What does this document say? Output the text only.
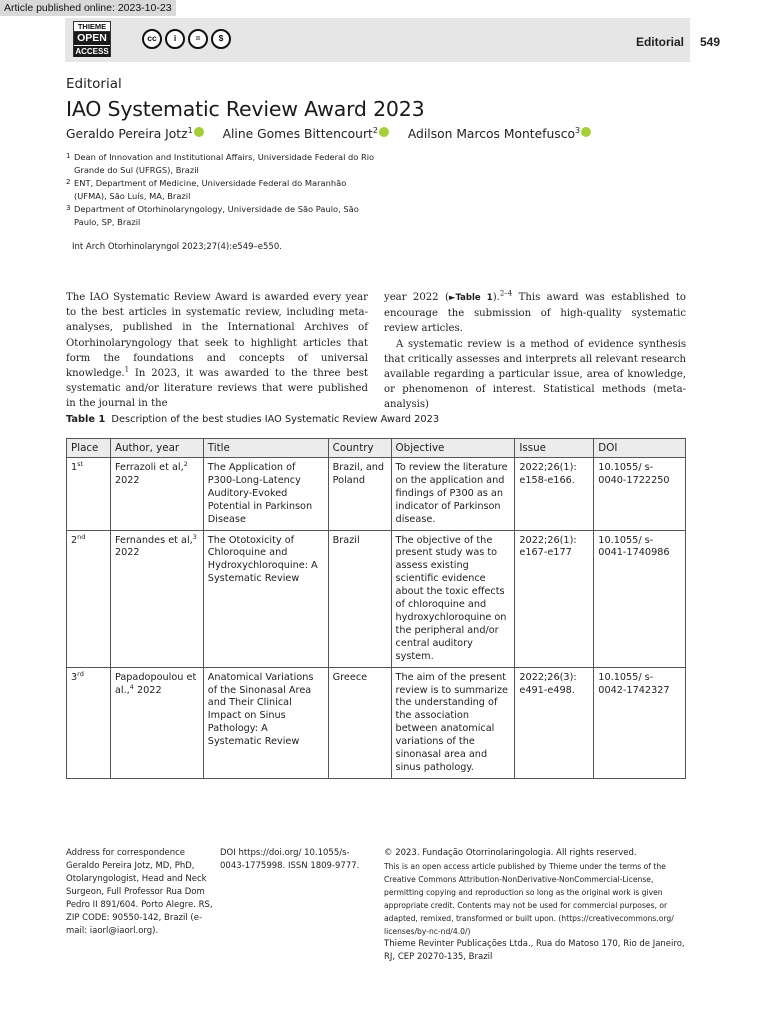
Article published online: 2023-10-23
THIEME
OPEN
ACCESS
cc	i	=	$	Editorial 549
Editorial
IAO Systematic Review Award 2023
Geraldo Pereira Jotz$^1$ Aline Gomes Bittencourt$^2$ Adilson Marcos Montefusco$^3$
1 Dean of Innovation and Institutional Affairs, Universidade Federal do Rio Grande do Sul (UFRGS), Brazil
2 ENT, Department of Medicine, Universidade Federal do Maranhão (UFMA), São Luís, MA, Brazil
3 Department of Otorhinolaryngology, Universidade de São Paulo, São Paulo, SP, Brazil
Int Arch Otorhinolaryngol 2023;27(4):e549–e550.

The IAO Systematic Review Award is awarded every year to the best articles in systematic review, including meta-analyses, published in the International Archives of Otorhinolaryngology that seek to highlight articles that form the foundations and concepts of universal knowledge.$^1$ In 2023, it was awarded to the three best systematic and/or literature reviews that were published in the journal in the

year 2022 (►Table 1).$^{2-4}$ This award was established to encourage the submission of high-quality systematic review articles.

A systematic review is a method of evidence synthesis that critically assesses and interprets all relevant research available regarding a particular issue, area of knowledge, or phenomenon of interest. Statistical methods (meta-analysis)

Table 1 Description of the best studies IAO Systematic Review Award 2023
Place	Author, year	Title	Country	Objective	Issue	DOI
1st	Ferrazoli et al,$^2$ 2022	The Application of P300-Long-Latency Auditory-Evoked Potential in Parkinson Disease	Brazil, and Poland	To review the literature on the application and findings of P300 as an indicator of Parkinson disease.	2022;26(1): e158-e166.	10.1055/ s-0040-1722250
2nd	Fernandes et al,$^3$ 2022	The Ototoxicity of Chloroquine and Hydroxychloroquine: A Systematic Review	Brazil	The objective of the present study was to assess existing scientific evidence about the toxic effects of chloroquine and hydroxychloroquine on the peripheral and/or central auditory system.	2022;26(1): e167-e177	10.1055/ s-0041-1740986
3rd	Papadopoulou et al.,$^4$ 2022	Anatomical Variations of the Sinonasal Area and Their Clinical Impact on Sinus Pathology: A Systematic Review	Greece	The aim of the present review is to summarize the understanding of the association between anatomical variations of the sinonasal area and sinus pathology.	2022;26(3): e491-e498.	10.1055/ s-0042-1742327
Address for correspondence
Geraldo Pereira Jotz, MD, PhD, Otolaryngologist, Head and Neck Surgeon, Full Professor Rua Dom Pedro II 891/604. Porto Alegre. RS, ZIP CODE: 90550-142, Brazil (e-mail: iaorl@iaorl.org).
DOI https://doi.org/ 10.1055/s-0043-1775998. ISSN 1809-9777.
© 2023. Fundação Otorrinolaringologia. All rights reserved.
This is an open access article published by Thieme under the terms of the Creative Commons Attribution-NonDerivative-NonCommercial-License, permitting copying and reproduction so long as the original work is given appropriate credit. Contents may not be used for commercial purposes, or adapted, remixed, transformed or built upon. (https://creativecommons.org/ licenses/by-nc-nd/4.0/)
Thieme Revinter Publicações Ltda., Rua do Matoso 170, Rio de Janeiro, RJ, CEP 20270-135, Brazil
